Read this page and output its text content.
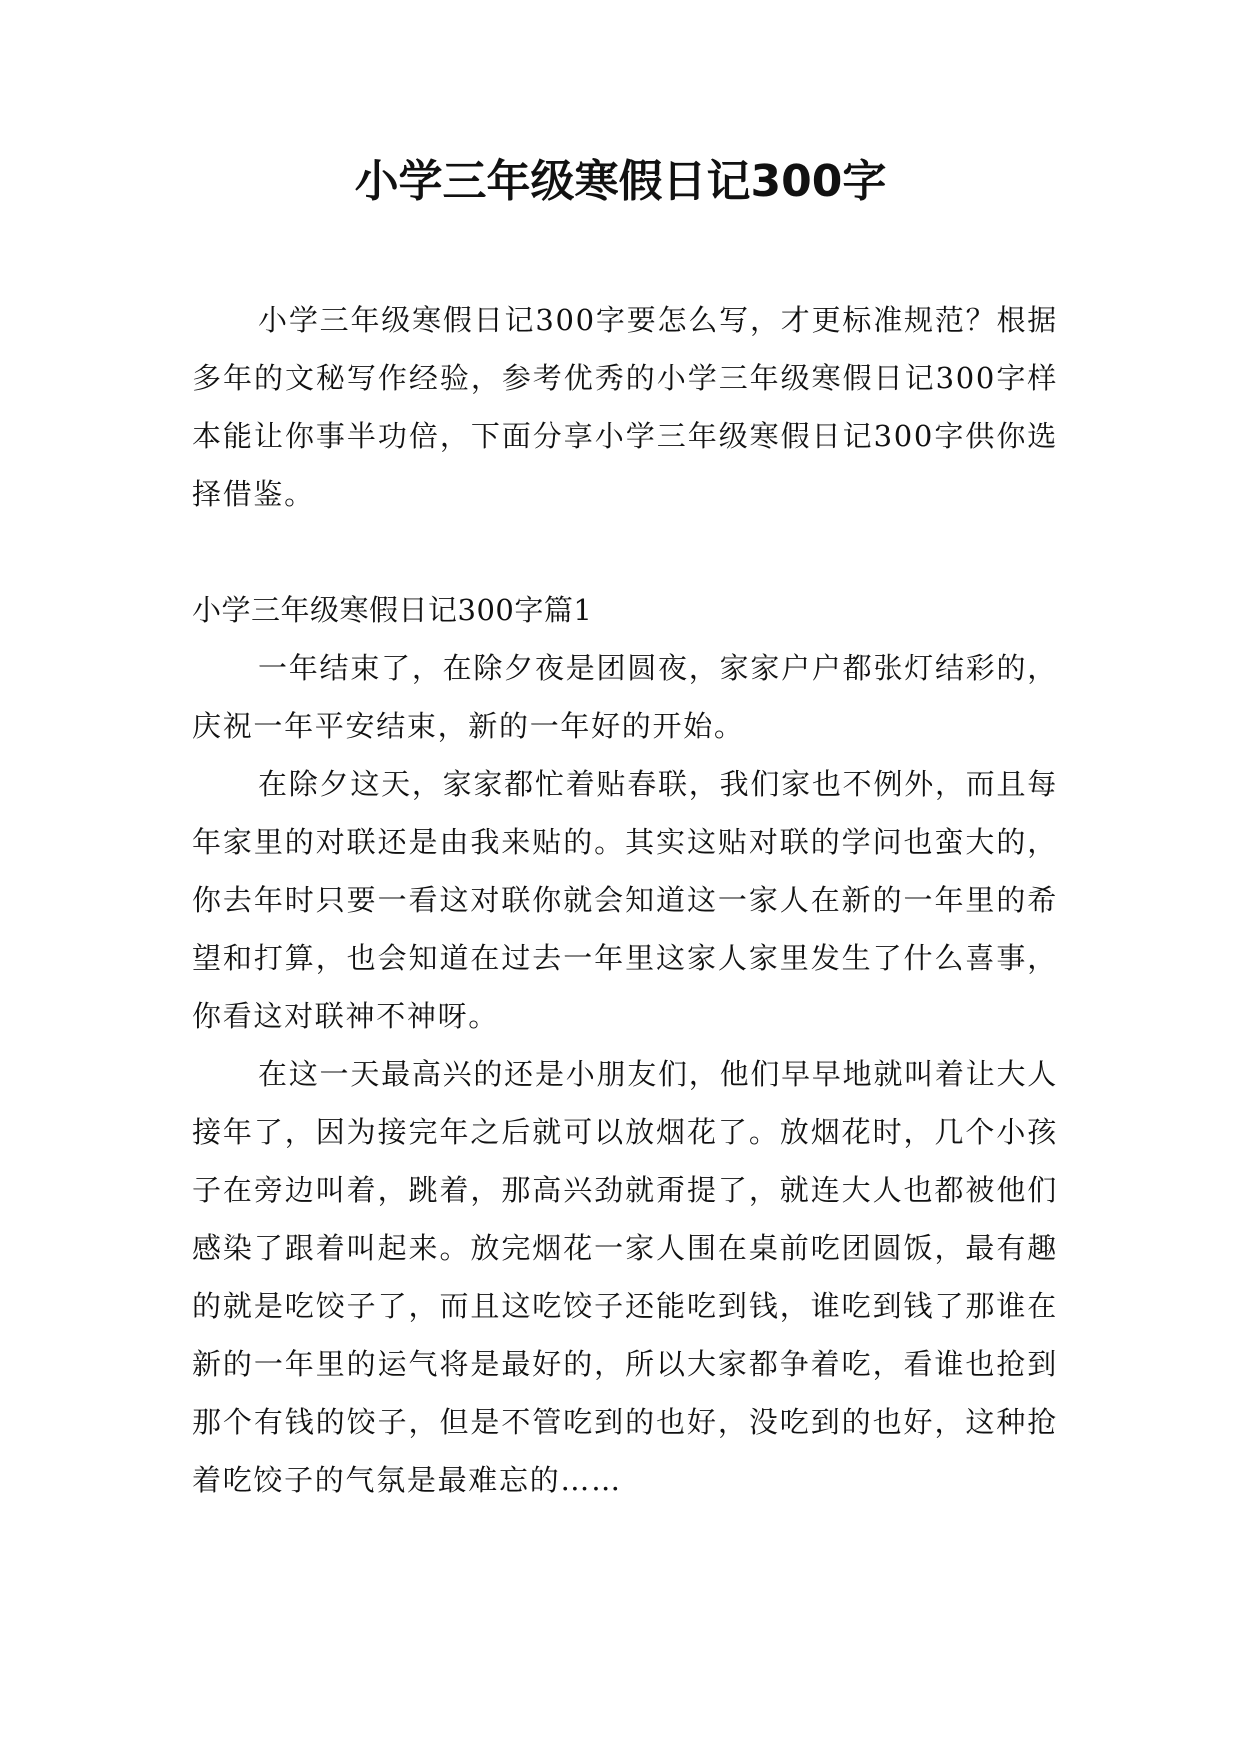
小学三年级寒假日记300字

小学三年级寒假日记300字要怎么写，才更标准规范？根据多年的文秘写作经验，参考优秀的小学三年级寒假日记300字样本能让你事半功倍，下面分享小学三年级寒假日记300字供你选择借鉴。

小学三年级寒假日记300字篇1

一年结束了，在除夕夜是团圆夜，家家户户都张灯结彩的，庆祝一年平安结束，新的一年好的开始。

在除夕这天，家家都忙着贴春联，我们家也不例外，而且每年家里的对联还是由我来贴的。其实这贴对联的学问也蛮大的，你去年时只要一看这对联你就会知道这一家人在新的一年里的希望和打算，也会知道在过去一年里这家人家里发生了什么喜事，你看这对联神不神呀。

在这一天最高兴的还是小朋友们，他们早早地就叫着让大人接年了，因为接完年之后就可以放烟花了。放烟花时，几个小孩子在旁边叫着，跳着，那高兴劲就甭提了，就连大人也都被他们感染了跟着叫起来。放完烟花一家人围在桌前吃团圆饭，最有趣的就是吃饺子了，而且这吃饺子还能吃到钱，谁吃到钱了那谁在新的一年里的运气将是最好的，所以大家都争着吃，看谁也抢到那个有钱的饺子，但是不管吃到的也好，没吃到的也好，这种抢着吃饺子的气氛是最难忘的……
